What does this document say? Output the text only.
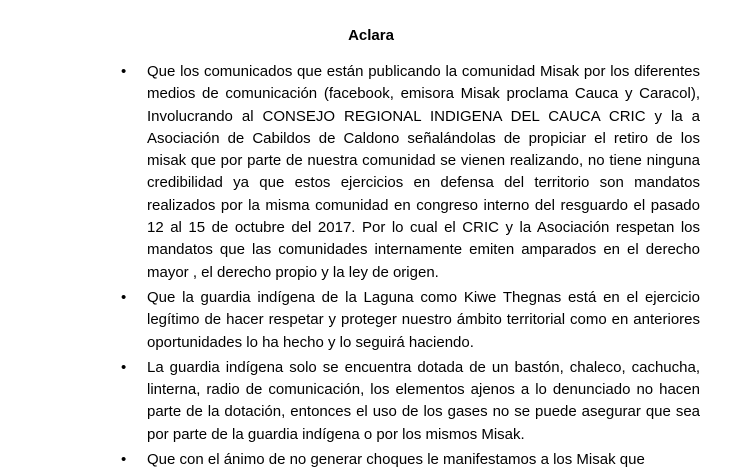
Aclara
• Que los comunicados que están publicando la comunidad Misak por los diferentes medios de comunicación (facebook, emisora Misak proclama Cauca y Caracol), Involucrando al CONSEJO REGIONAL INDIGENA DEL CAUCA CRIC y la a Asociación de Cabildos de Caldono señalándolas de propiciar el retiro de los misak que por parte de nuestra comunidad se vienen realizando, no tiene ninguna credibilidad ya que estos ejercicios en defensa del territorio son mandatos realizados por la misma comunidad en congreso interno del resguardo el pasado 12 al 15 de octubre del 2017. Por lo cual el CRIC y la Asociación respetan los mandatos que las comunidades internamente emiten amparados en el derecho mayor , el derecho propio y la ley de origen.
• Que la guardia indígena de la Laguna como Kiwe Thegnas está en el ejercicio legítimo de hacer respetar y proteger nuestro ámbito territorial como en anteriores oportunidades lo ha hecho y lo seguirá haciendo.
• La guardia indígena solo se encuentra dotada de un bastón, chaleco, cachucha, linterna, radio de comunicación, los elementos ajenos a lo denunciado no hacen parte de la dotación, entonces el uso de los gases no se puede asegurar que sea por parte de la guardia indígena o por los mismos Misak.
• Que con el ánimo de no generar choques le manifestamos a los Misak que
